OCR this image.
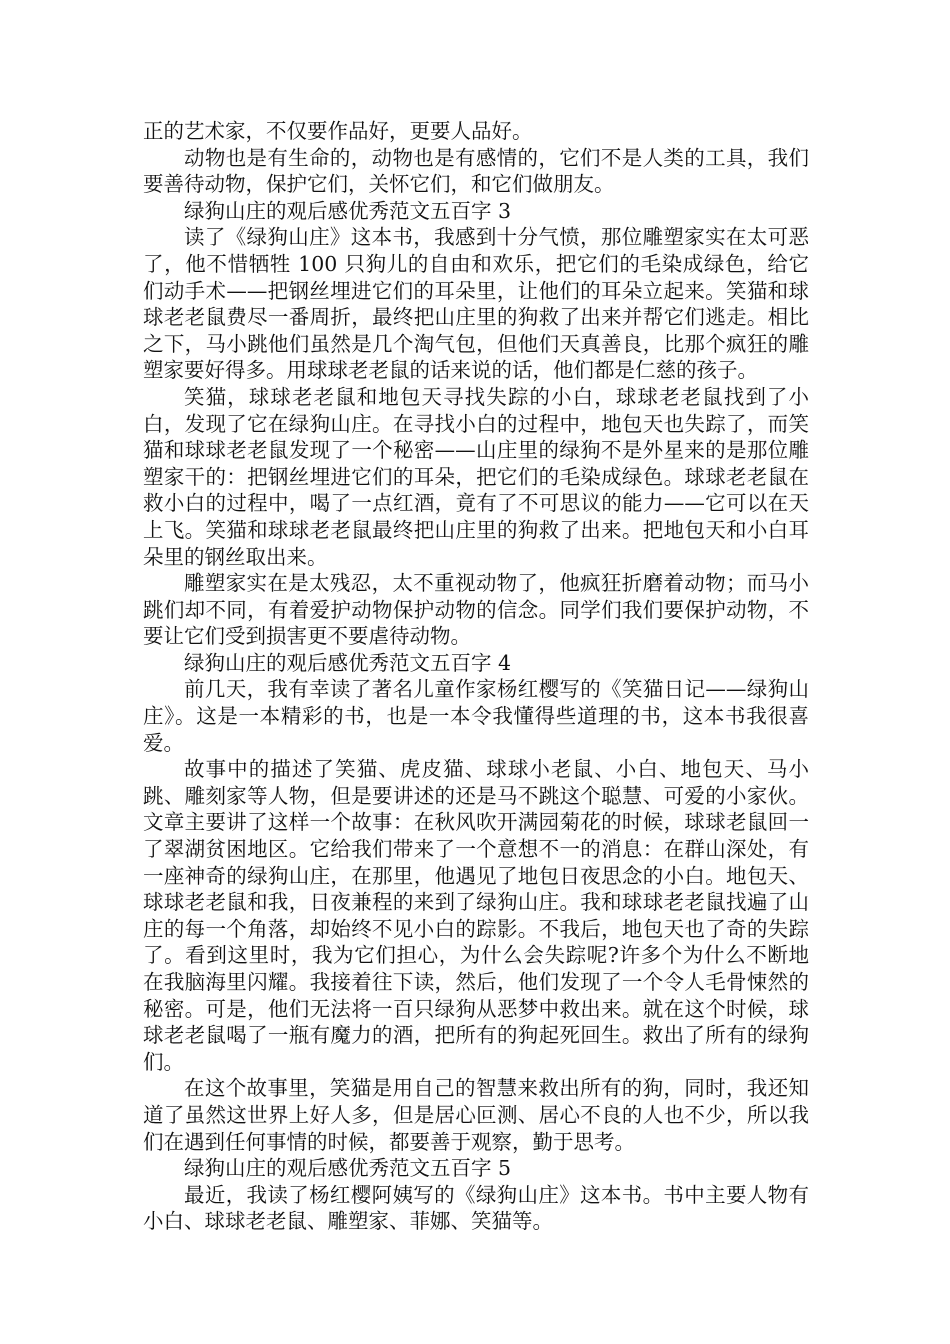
正的艺术家，不仅要作品好，更要人品好。

动物也是有生命的，动物也是有感情的，它们不是人类的工具，我们要善待动物，保护它们，关怀它们，和它们做朋友。

绿狗山庄的观后感优秀范文五百字 3

读了《绿狗山庄》这本书，我感到十分气愤，那位雕塑家实在太可恶了，他不惜牺牲 100 只狗儿的自由和欢乐，把它们的毛染成绿色，给它们动手术——把钢丝埋进它们的耳朵里，让他们的耳朵立起来。笑猫和球球老老鼠费尽一番周折，最终把山庄里的狗救了出来并帮它们逃走。相比之下，马小跳他们虽然是几个淘气包，但他们天真善良，比那个疯狂的雕塑家要好得多。用球球老老鼠的话来说的话，他们都是仁慈的孩子。

笑猫，球球老老鼠和地包天寻找失踪的小白，球球老老鼠找到了小白，发现了它在绿狗山庄。在寻找小白的过程中，地包天也失踪了，而笑猫和球球老老鼠发现了一个秘密——山庄里的绿狗不是外星来的是那位雕塑家干的：把钢丝埋进它们的耳朵，把它们的毛染成绿色。球球老老鼠在救小白的过程中，喝了一点红酒，竟有了不可思议的能力——它可以在天上飞。笑猫和球球老老鼠最终把山庄里的狗救了出来。把地包天和小白耳朵里的钢丝取出来。

雕塑家实在是太残忍，太不重视动物了，他疯狂折磨着动物；而马小跳们却不同，有着爱护动物保护动物的信念。同学们我们要保护动物，不要让它们受到损害更不要虐待动物。

绿狗山庄的观后感优秀范文五百字 4

前几天，我有幸读了著名儿童作家杨红樱写的《笑猫日记——绿狗山庄》。这是一本精彩的书，也是一本令我懂得些道理的书，这本书我很喜爱。

故事中的描述了笑猫、虎皮猫、球球小老鼠、小白、地包天、马小跳、雕刻家等人物，但是要讲述的还是马不跳这个聪慧、可爱的小家伙。文章主要讲了这样一个故事：在秋风吹开满园菊花的时候，球球老鼠回一了翠湖贫困地区。它给我们带来了一个意想不一的消息：在群山深处，有一座神奇的绿狗山庄，在那里，他遇见了地包日夜思念的小白。地包天、球球老老鼠和我，日夜兼程的来到了绿狗山庄。我和球球老老鼠找遍了山庄的每一个角落，却始终不见小白的踪影。不我后，地包天也了奇的失踪了。看到这里时，我为它们担心，为什么会失踪呢?许多个为什么不断地在我脑海里闪耀。我接着往下读，然后，他们发现了一个令人毛骨悚然的秘密。可是，他们无法将一百只绿狗从恶梦中救出来。就在这个时候，球球老老鼠喝了一瓶有魔力的酒，把所有的狗起死回生。救出了所有的绿狗们。

在这个故事里，笑猫是用自己的智慧来救出所有的狗，同时，我还知道了虽然这世界上好人多，但是居心叵测、居心不良的人也不少，所以我们在遇到任何事情的时候，都要善于观察，勤于思考。

绿狗山庄的观后感优秀范文五百字 5

最近，我读了杨红樱阿姨写的《绿狗山庄》这本书。书中主要人物有小白、球球老老鼠、雕塑家、菲娜、笑猫等。
